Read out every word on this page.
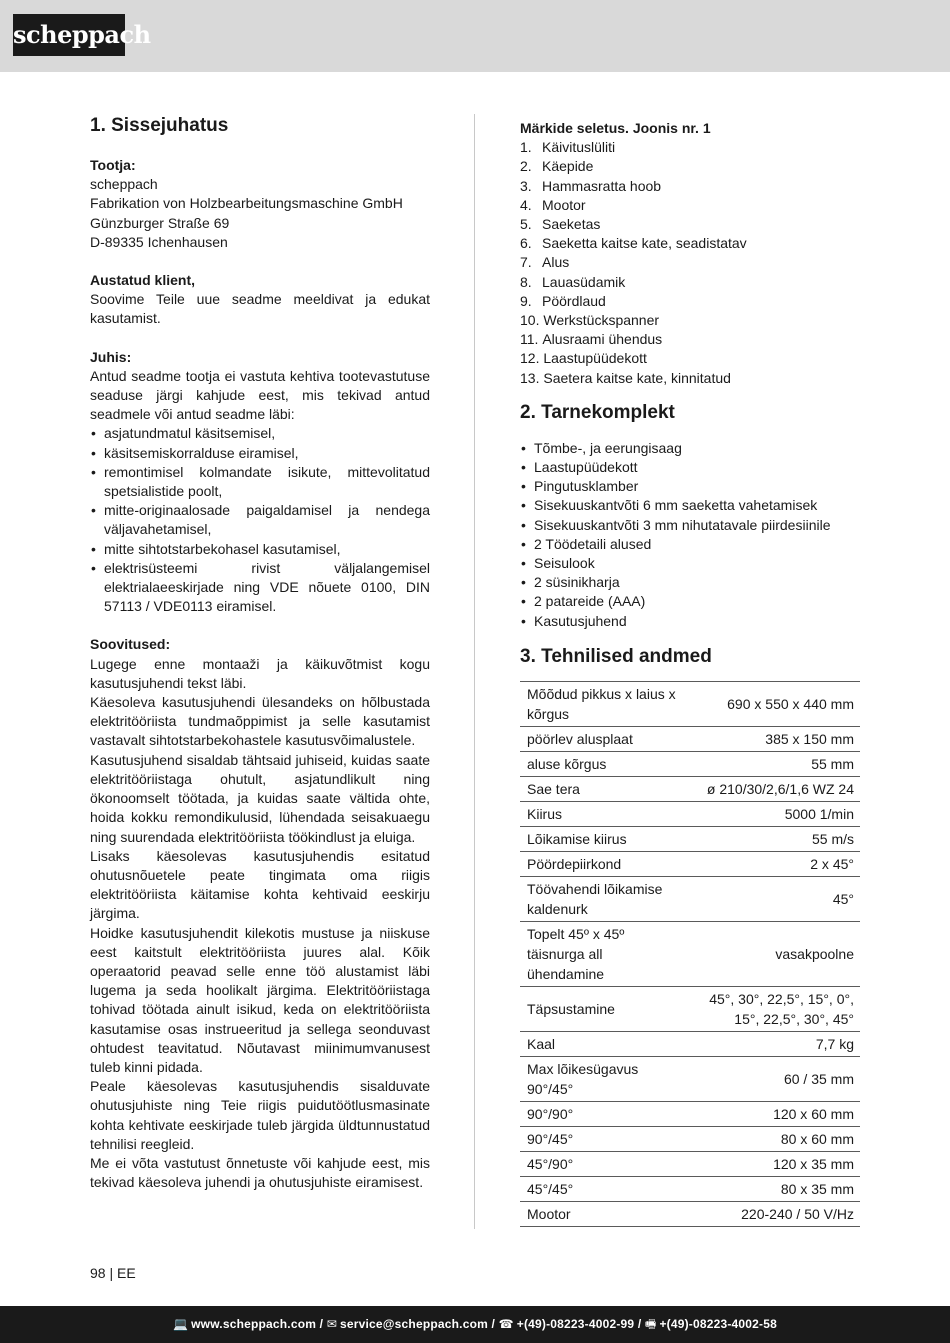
scheppach
1. Sissejuhatus

Tootja:

scheppach

Fabrikation von Holzbearbeitungsmaschine GmbH

Günzburger Straße 69

D-89335 Ichenhausen

Austatud klient,

Soovime Teile uue seadme meeldivat ja edukat kasutamist.

Juhis:

Antud seadme tootja ei vastuta kehtiva tootevastutuse seaduse järgi kahjude eest, mis tekivad antud seadmele või antud seadme läbi:

• asjatundmatul käsitsemisel,
• käsitsemiskorralduse eiramisel,
• remontimisel kolmandate isikute, mittevolitatud spetsialistide poolt,
• mitte-originaalosade paigaldamisel ja nendega väljavahetamisel,
• mitte sihtotstarbekohasel kasutamisel,
• elektrisüsteemi rivist väljalangemisel elektrialaeeskirjade ning VDE nõuete 0100, DIN 57113 / VDE0113 eiramisel.

Soovitused:

Lugege enne montaaži ja käikuvõtmist kogu kasutusjuhendi tekst läbi.

Käesoleva kasutusjuhendi ülesandeks on hõlbustada elektritööriista tundmaõppimist ja selle kasutamist vastavalt sihtotstarbekohastele kasutusvõimalustele.

Kasutusjuhend sisaldab tähtsaid juhiseid, kuidas saate elektritööriistaga ohutult, asjatundlikult ning ökonoomselt töötada, ja kuidas saate vältida ohte, hoida kokku remondikulusid, lühendada seisakuaegu ning suurendada elektritööriista töökindlust ja eluiga.

Lisaks käesolevas kasutusjuhendis esitatud ohutusnõuetele peate tingimata oma riigis elektritööriista käitamise kohta kehtivaid eeskirju järgima.

Hoidke kasutusjuhendit kilekotis mustuse ja niiskuse eest kaitstult elektritööriista juures alal. Kõik operaatorid peavad selle enne töö alustamist läbi lugema ja seda hoolikalt järgima. Elektritööriistaga tohivad töötada ainult isikud, keda on elektritööriista kasutamise osas instrueeritud ja sellega seonduvast ohtudest teavitatud. Nõutavast miinimumvanusest tuleb kinni pidada.

Peale käesolevas kasutusjuhendis sisalduvate ohutusjuhiste ning Teie riigis puidutöötlusmasinate kohta kehtivate eeskirjade tuleb järgida üldtunnustatud tehnilisi reegleid.

Me ei võta vastutust õnnetuste või kahjude eest, mis tekivad käesoleva juhendi ja ohutusjuhiste eiramisest.

Märkide seletus. Joonis nr. 1

1. Käivituslüliti
2. Käepide
3. Hammasratta hoob
4. Mootor
5. Saeketas
6. Saeketta kaitse kate, seadistatav
7. Alus
8. Lauasüdamik
9. Pöördlaud
10.
Werkstückspanner
11.
Alusraami ühendus
12.
Laastupüüdekott
13.
Saetera kaitse kate, kinnitatud
2. Tarnekomplekt
• Tõmbe-, ja eerungisaag
• Laastupüüdekott
• Pingutusklamber
• Sisekuuskantvõti 6 mm saeketta vahetamisek
• Sisekuuskantvõti 3 mm nihutatavale piirdesiinile
• 2 Töödetaili alused
• Seisulook
• 2 süsinikharja
• 2 patareide (AAA)
• Kasutusjuhend
3. Tehnilised andmed
Mõõdud pikkus x laius x kõrgus	690 x 550 x 440 mm
pöörlev alusplaat	385 x 150 mm
aluse kõrgus	55 mm
Sae tera	ø 210/30/2,6/1,6 WZ 24
Kiirus	5000 1/min
Lõikamise kiirus	55 m/s
Pöördepiirkond	2 x 45°
Töövahendi lõikamise kaldenurk	45°
Topelt 45º x 45º täisnurga all ühendamine	vasakpoolne
Täpsustamine	45°, 30°, 22,5°, 15°, 0°, 15°, 22,5°, 30°, 45°
Kaal	7,7 kg
Max lõikesügavus 90°/45°	60 / 35 mm
90°/90°	120 x 60 mm
90°/45°	80 x 60 mm
45°/90°	120 x 35 mm
45°/45°	80 x 35 mm
Mootor	220-240 / 50 V/Hz
98 | EE
💻 www.scheppach.com / ✉ service@scheppach.com / ☎ +(49)-08223-4002-99 / 🖷 +(49)-08223-4002-58
